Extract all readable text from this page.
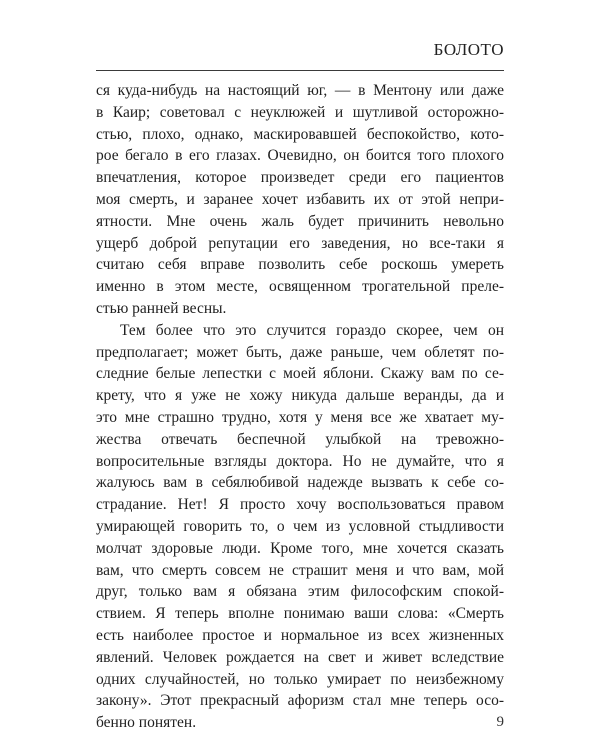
БОЛОТО
ся куда-нибудь на настоящий юг, — в Ментону или даже
в Каир; советовал с неуклюжей и шутливой осторожно-
стью, плохо, однако, маскировавшей беспокойство, кото-
рое бегало в его глазах. Очевидно, он боится того плохого
впечатления, которое произведет среди его пациентов
моя смерть, и заранее хочет избавить их от этой непри-
ятности. Мне очень жаль будет причинить невольно
ущерб доброй репутации его заведения, но все-таки я
считаю себя вправе позволить себе роскошь умереть
именно в этом месте, освященном трогательной преле-
стью ранней весны.
Тем более что это случится гораздо скорее, чем он
предполагает; может быть, даже раньше, чем облетят по-
следние белые лепестки с моей яблони. Скажу вам по се-
крету, что я уже не хожу никуда дальше веранды, да и
это мне страшно трудно, хотя у меня все же хватает му-
жества отвечать беспечной улыбкой на тревожно-
вопросительные взгляды доктора. Но не думайте, что я
жалуюсь вам в себялюбивой надежде вызвать к себе со-
страдание. Нет! Я просто хочу воспользоваться правом
умирающей говорить то, о чем из условной стыдливости
молчат здоровые люди. Кроме того, мне хочется сказать
вам, что смерть совсем не страшит меня и что вам, мой
друг, только вам я обязана этим философским спокой-
ствием. Я теперь вполне понимаю ваши слова: «Смерть
есть наиболее простое и нормальное из всех жизненных
явлений. Человек рождается на свет и живет вследствие
одних случайностей, но только умирает по неизбежному
закону». Этот прекрасный афоризм стал мне теперь осо-
бенно понятен.	9
